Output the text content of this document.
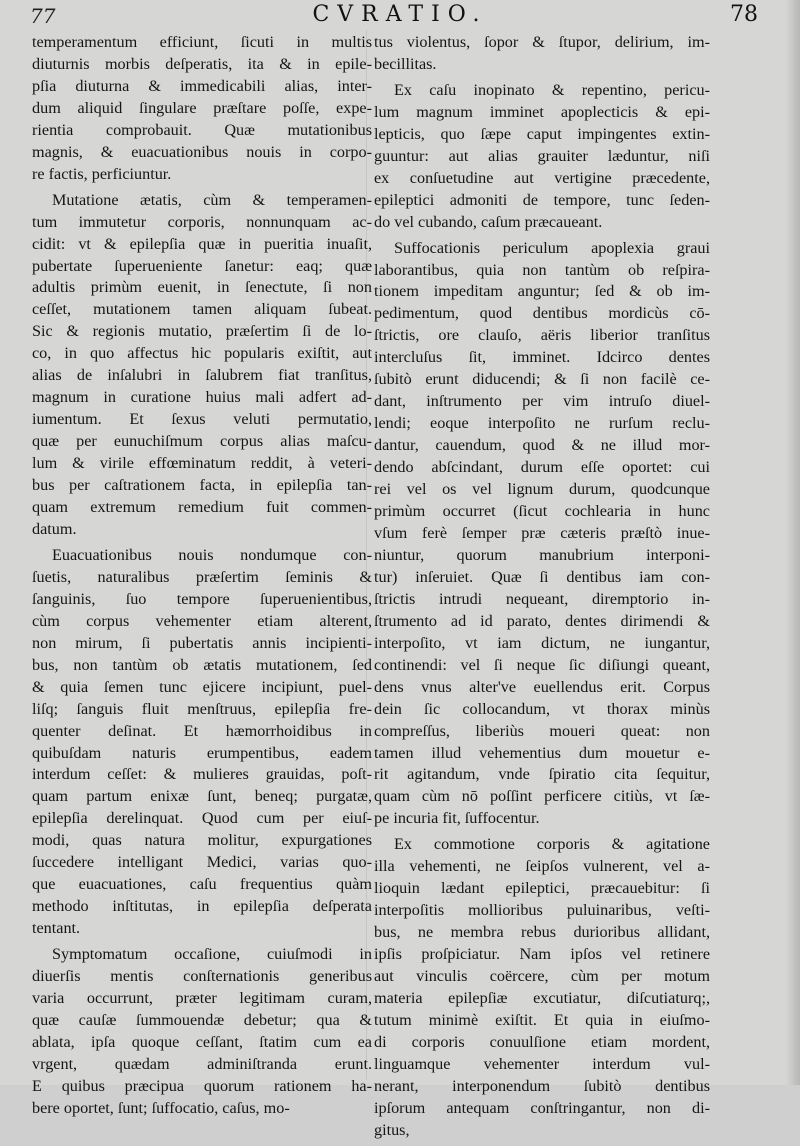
77	CVRATIO.	78

temperamentum efficiunt, ſicuti in multis
diuturnis morbis deſperatis, ita & in epile-
pſia diuturna & immedicabili alias, inter-
dum aliquid ſingulare præſtare poſſe, expe-
rientia comprobauit. Quæ mutationibus
magnis, & euacuationibus nouis in corpo-
re factis, perficiuntur.

Mutatione ætatis, cùm & temperamen-
tum immutetur corporis, nonnunquam ac-
cidit: vt & epilepſia quæ in pueritia inuaſit,
pubertate ſuperueniente ſanetur: eaq; quæ
adultis primùm euenit, in ſenectute, ſi non
ceſſet, mutationem tamen aliquam ſubeat.
Sic & regionis mutatio, præſertim ſi de lo-
co, in quo affectus hic popularis exiſtit, aut
alias de inſalubri in ſalubrem fiat tranſitus,
magnum in curatione huius mali adfert ad-
iumentum. Et ſexus veluti permutatio,
quæ per eunuchiſmum corpus alias maſcu-
lum & virile effœminatum reddit, à veteri-
bus per caſtrationem facta, in epilepſia tan-
quam extremum remedium fuit commen-
datum.

Euacuationibus nouis nondumque con-
ſuetis, naturalibus præſertim ſeminis &
ſanguinis, ſuo tempore ſuperuenientibus,
cùm corpus vehementer etiam alterent,
non mirum, ſi pubertatis annis incipienti-
bus, non tantùm ob ætatis mutationem, ſed
& quia ſemen tunc ejicere incipiunt, puel-
liſq; ſanguis fluit menſtruus, epilepſia fre-
quenter deſinat. Et hæmorrhoidibus in
quibuſdam naturis erumpentibus, eadem
interdum ceſſet: & mulieres grauidas, poſt-
quam partum enixæ ſunt, beneq; purgatæ,
epilepſia derelinquat. Quod cum per eiuſ-
modi, quas natura molitur, expurgationes
ſuccedere intelligant Medici, varias quo-
que euacuationes, caſu frequentius quàm
methodo inſtitutas, in epilepſia deſperata
tentant.

Symptomatum occaſione, cuiuſmodi in
diuerſis mentis conſternationis generibus
varia occurrunt, præter legitimam curam,
quæ cauſæ ſummouendæ debetur; qua &
ablata, ipſa quoque ceſſant, ſtatim cum ea
vrgent, quædam adminiſtranda erunt.
E quibus præcipua quorum rationem ha-
bere oportet, ſunt; ſuffocatio, caſus, mo-

tus violentus, ſopor & ſtupor, delirium, im-
becillitas.

Ex caſu inopinato & repentino, pericu-
lum magnum imminet apoplecticis & epi-
lepticis, quo ſæpe caput impingentes extin-
guuntur: aut alias grauiter læduntur, niſi
ex conſuetudine aut vertigine præcedente,
epileptici admoniti de tempore, tunc ſeden-
do vel cubando, caſum præcaueant.

Suffocationis periculum apoplexia graui
laborantibus, quia non tantùm ob reſpira-
tionem impeditam anguntur; ſed & ob im-
pedimentum, quod dentibus mordicùs cō-
ſtrictis, ore clauſo, aëris liberior tranſitus
intercluſus ſit, imminet. Idcirco dentes
ſubitò erunt diducendi; & ſi non facilè ce-
dant, inſtrumento per vim intruſo diuel-
lendi; eoque interpoſito ne rurſum reclu-
dantur, cauendum, quod & ne illud mor-
dendo abſcindant, durum eſſe oportet: cui
rei vel os vel lignum durum, quodcunque
primùm occurret (ſicut cochlearia in hunc
vſum ferè ſemper præ cæteris præſtò inue-
niuntur, quorum manubrium interponi-
tur) inſeruiet. Quæ ſi dentibus iam con-
ſtrictis intrudi nequeant, diremptorio in-
ſtrumento ad id parato, dentes dirimendi &
interpoſito, vt iam dictum, ne iungantur,
continendi: vel ſi neque ſic diſiungi queant,
dens vnus alter've euellendus erit. Corpus
dein ſic collocandum, vt thorax minùs
compreſſus, liberiùs moueri queat: non
tamen illud vehementius dum mouetur e-
rit agitandum, vnde ſpiratio cita ſequitur,
quam cùm nō poſſint perficere citiùs, vt ſæ-
pe incuria fit, ſuffocentur.

Ex commotione corporis & agitatione
illa vehementi, ne ſeipſos vulnerent, vel a-
lioquin lædant epileptici, præcauebitur: ſi
interpoſitis mollioribus puluinaribus, veſti-
bus, ne membra rebus durioribus allidant,
ipſis proſpiciatur. Nam ipſos vel retinere
aut vinculis coërcere, cùm per motum
materia epilepſiæ excutiatur, diſcutiaturq;,
tutum minimè exiſtit. Et quia in eiuſmo-
di corporis conuulſione etiam mordent,
linguamque vehementer interdum vul-
nerant, interponendum ſubitò dentibus
ipſorum antequam conſtringantur, non di-
gitus,
